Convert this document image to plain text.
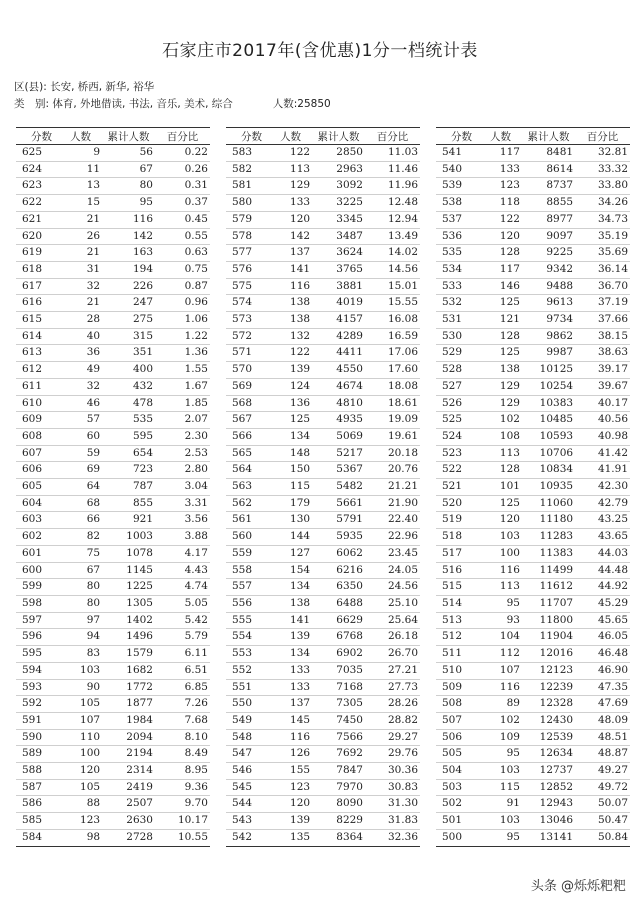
石家庄市2017年(含优惠)1分一档统计表
区(县): 长安, 桥西, 新华, 裕华
类　别: 体育, 外地借读, 书法, 音乐, 美术, 综合	人数:25850
分数	人数	累计人数	百分比
625	9	56	0.22
624	11	67	0.26
623	13	80	0.31
622	15	95	0.37
621	21	116	0.45
620	26	142	0.55
619	21	163	0.63
618	31	194	0.75
617	32	226	0.87
616	21	247	0.96
615	28	275	1.06
614	40	315	1.22
613	36	351	1.36
612	49	400	1.55
611	32	432	1.67
610	46	478	1.85
609	57	535	2.07
608	60	595	2.30
607	59	654	2.53
606	69	723	2.80
605	64	787	3.04
604	68	855	3.31
603	66	921	3.56
602	82	1003	3.88
601	75	1078	4.17
600	67	1145	4.43
599	80	1225	4.74
598	80	1305	5.05
597	97	1402	5.42
596	94	1496	5.79
595	83	1579	6.11
594	103	1682	6.51
593	90	1772	6.85
592	105	1877	7.26
591	107	1984	7.68
590	110	2094	8.10
589	100	2194	8.49
588	120	2314	8.95
587	105	2419	9.36
586	88	2507	9.70
585	123	2630	10.17
584	98	2728	10.55
分数	人数	累计人数	百分比
583	122	2850	11.03
582	113	2963	11.46
581	129	3092	11.96
580	133	3225	12.48
579	120	3345	12.94
578	142	3487	13.49
577	137	3624	14.02
576	141	3765	14.56
575	116	3881	15.01
574	138	4019	15.55
573	138	4157	16.08
572	132	4289	16.59
571	122	4411	17.06
570	139	4550	17.60
569	124	4674	18.08
568	136	4810	18.61
567	125	4935	19.09
566	134	5069	19.61
565	148	5217	20.18
564	150	5367	20.76
563	115	5482	21.21
562	179	5661	21.90
561	130	5791	22.40
560	144	5935	22.96
559	127	6062	23.45
558	154	6216	24.05
557	134	6350	24.56
556	138	6488	25.10
555	141	6629	25.64
554	139	6768	26.18
553	134	6902	26.70
552	133	7035	27.21
551	133	7168	27.73
550	137	7305	28.26
549	145	7450	28.82
548	116	7566	29.27
547	126	7692	29.76
546	155	7847	30.36
545	123	7970	30.83
544	120	8090	31.30
543	139	8229	31.83
542	135	8364	32.36
分数	人数	累计人数	百分比
541	117	8481	32.81
540	133	8614	33.32
539	123	8737	33.80
538	118	8855	34.26
537	122	8977	34.73
536	120	9097	35.19
535	128	9225	35.69
534	117	9342	36.14
533	146	9488	36.70
532	125	9613	37.19
531	121	9734	37.66
530	128	9862	38.15
529	125	9987	38.63
528	138	10125	39.17
527	129	10254	39.67
526	129	10383	40.17
525	102	10485	40.56
524	108	10593	40.98
523	113	10706	41.42
522	128	10834	41.91
521	101	10935	42.30
520	125	11060	42.79
519	120	11180	43.25
518	103	11283	43.65
517	100	11383	44.03
516	116	11499	44.48
515	113	11612	44.92
514	95	11707	45.29
513	93	11800	45.65
512	104	11904	46.05
511	112	12016	46.48
510	107	12123	46.90
509	116	12239	47.35
508	89	12328	47.69
507	102	12430	48.09
506	109	12539	48.51
505	95	12634	48.87
504	103	12737	49.27
503	115	12852	49.72
502	91	12943	50.07
501	103	13046	50.47
500	95	13141	50.84
头条 @烁烁粑粑
